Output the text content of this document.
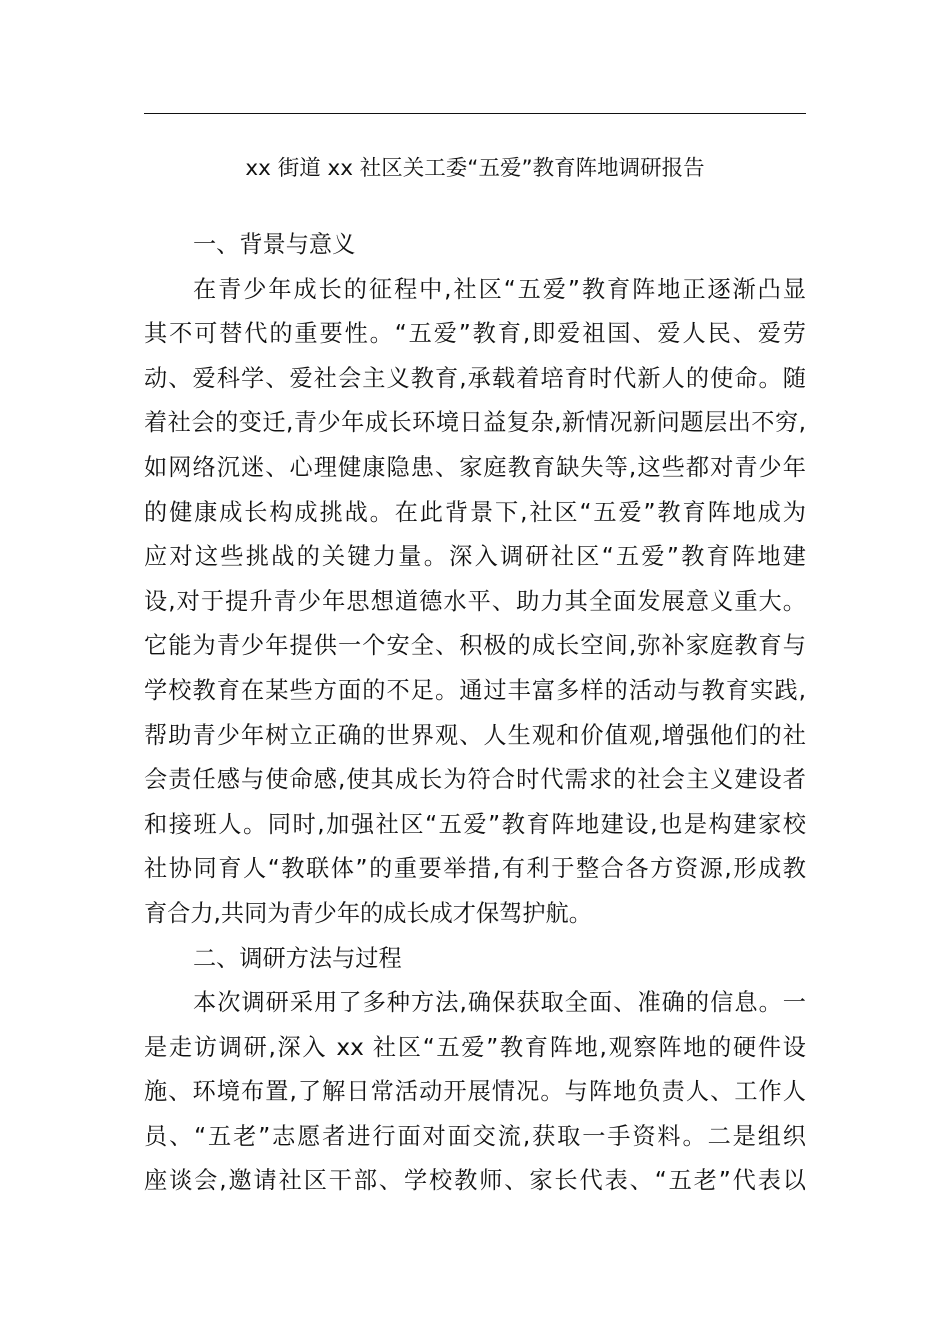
xx 街道 xx 社区关工委“五爱”教育阵地调研报告
一、背景与意义
在青少年成长的征程中,社区“五爱”教育阵地正逐渐凸显
其不可替代的重要性。“五爱”教育,即爱祖国、爱人民、爱劳
动、爱科学、爱社会主义教育,承载着培育时代新人的使命。随
着社会的变迁,青少年成长环境日益复杂,新情况新问题层出不穷,
如网络沉迷、心理健康隐患、家庭教育缺失等,这些都对青少年
的健康成长构成挑战。在此背景下,社区“五爱”教育阵地成为
应对这些挑战的关键力量。深入调研社区“五爱”教育阵地建
设,对于提升青少年思想道德水平、助力其全面发展意义重大。
它能为青少年提供一个安全、积极的成长空间,弥补家庭教育与
学校教育在某些方面的不足。通过丰富多样的活动与教育实践,
帮助青少年树立正确的世界观、人生观和价值观,增强他们的社
会责任感与使命感,使其成长为符合时代需求的社会主义建设者
和接班人。同时,加强社区“五爱”教育阵地建设,也是构建家校
社协同育人“教联体”的重要举措,有利于整合各方资源,形成教
育合力,共同为青少年的成长成才保驾护航。
二、调研方法与过程
本次调研采用了多种方法,确保获取全面、准确的信息。一
是走访调研,深入 xx 社区“五爱”教育阵地,观察阵地的硬件设
施、环境布置,了解日常活动开展情况。与阵地负责人、工作人
员、“五老”志愿者进行面对面交流,获取一手资料。二是组织
座谈会,邀请社区干部、学校教师、家长代表、“五老”代表以
